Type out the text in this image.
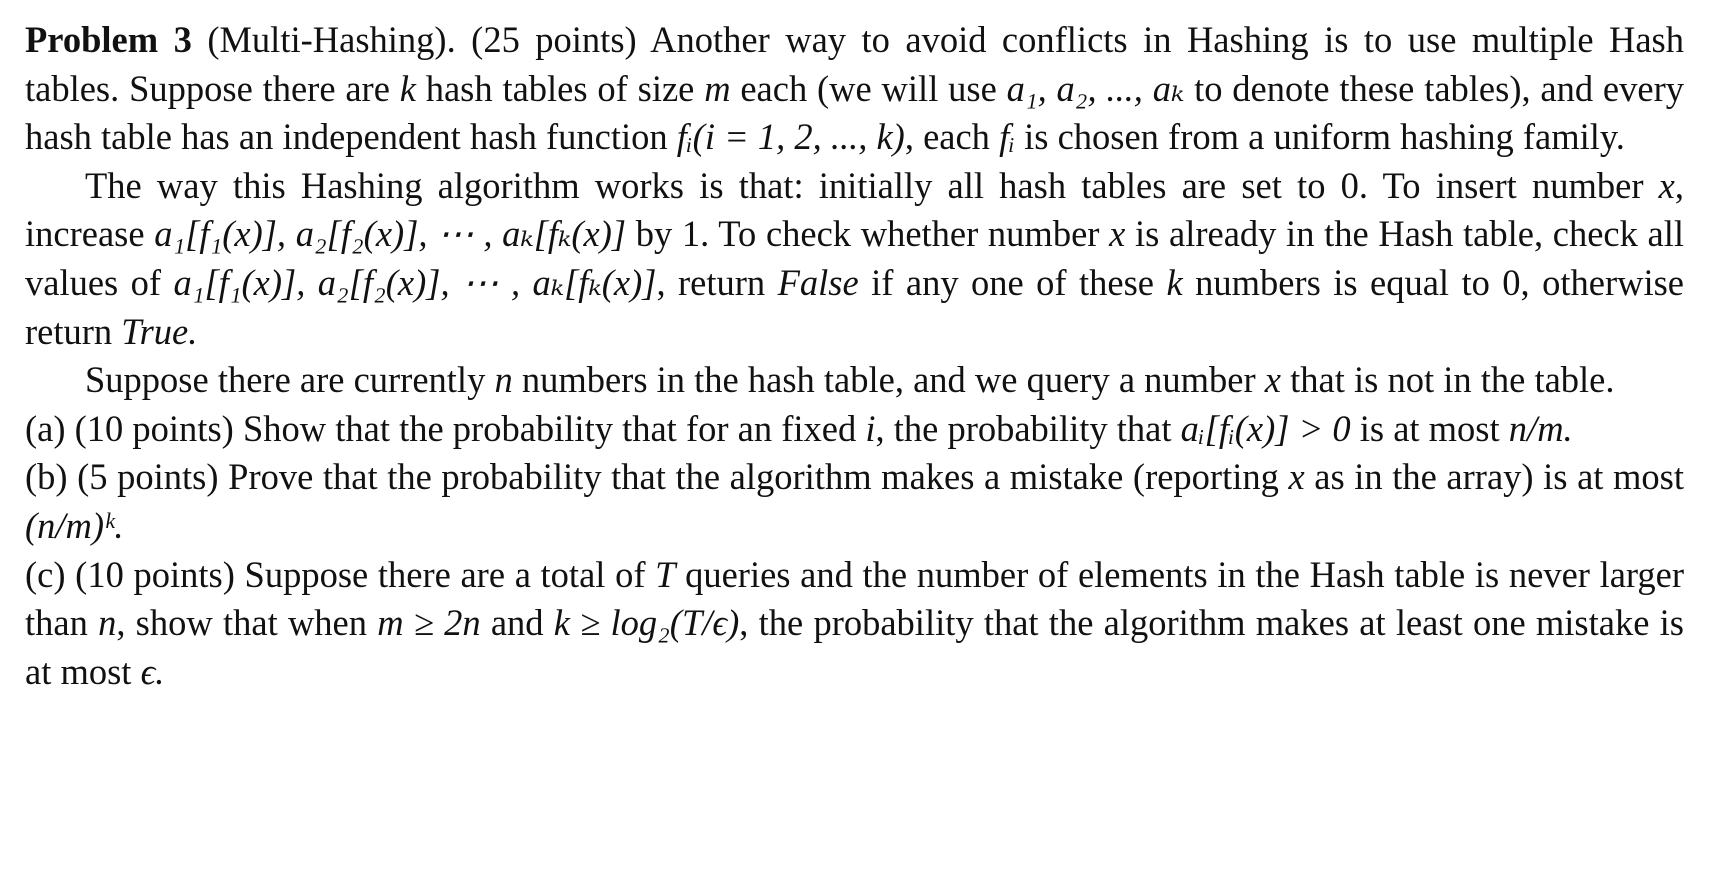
Problem 3 (Multi-Hashing). (25 points) Another way to avoid conflicts in Hashing is to use multiple Hash tables. Suppose there are k hash tables of size m each (we will use a₁, a₂, ..., aₖ to denote these tables), and every hash table has an independent hash function fᵢ(i = 1, 2, ..., k), each fᵢ is chosen from a uniform hashing family.

The way this Hashing algorithm works is that: initially all hash tables are set to 0. To insert number x, increase a₁[f₁(x)], a₂[f₂(x)], ⋯ , aₖ[fₖ(x)] by 1. To check whether number x is already in the Hash table, check all values of a₁[f₁(x)], a₂[f₂(x)], ⋯ , aₖ[fₖ(x)], return False if any one of these k numbers is equal to 0, otherwise return True.

Suppose there are currently n numbers in the hash table, and we query a number x that is not in the table.

(a) (10 points) Show that the probability that for an fixed i, the probability that aᵢ[fᵢ(x)] > 0 is at most n/m.

(b) (5 points) Prove that the probability that the algorithm makes a mistake (reporting x as in the array) is at most (n/m)ᵏ.

(c) (10 points) Suppose there are a total of T queries and the number of elements in the Hash table is never larger than n, show that when m ≥ 2n and k ≥ log₂(T/ϵ), the probability that the algorithm makes at least one mistake is at most ϵ.
